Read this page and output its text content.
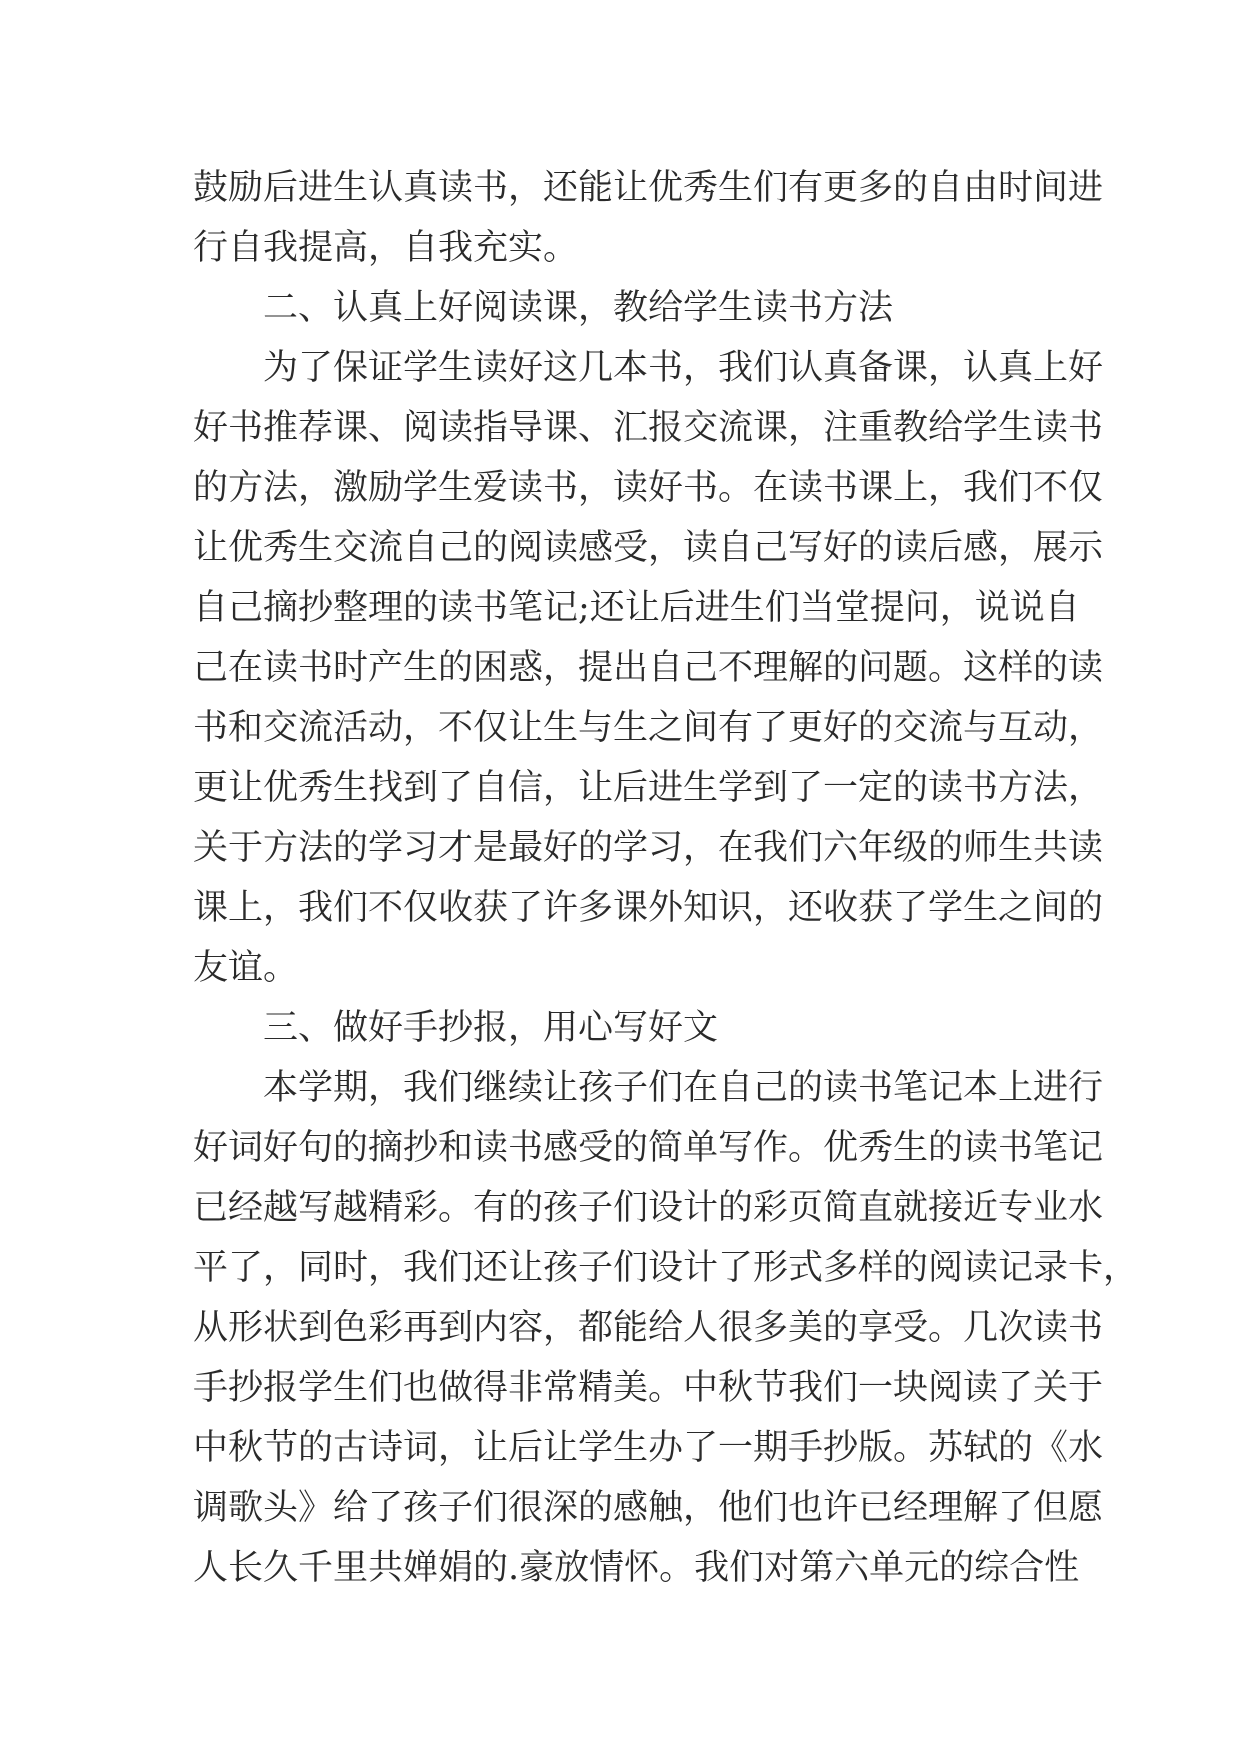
鼓励后进生认真读书，还能让优秀生们有更多的自由时间进
行自我提高，自我充实。
二、认真上好阅读课，教给学生读书方法
为了保证学生读好这几本书，我们认真备课，认真上好
好书推荐课、阅读指导课、汇报交流课，注重教给学生读书
的方法，激励学生爱读书，读好书。在读书课上，我们不仅
让优秀生交流自己的阅读感受，读自己写好的读后感，展示
自己摘抄整理的读书笔记;还让后进生们当堂提问，说说自
己在读书时产生的困惑，提出自己不理解的问题。这样的读
书和交流活动，不仅让生与生之间有了更好的交流与互动，
更让优秀生找到了自信，让后进生学到了一定的读书方法，
关于方法的学习才是最好的学习，在我们六年级的师生共读
课上，我们不仅收获了许多课外知识，还收获了学生之间的
友谊。
三、做好手抄报，用心写好文
本学期，我们继续让孩子们在自己的读书笔记本上进行
好词好句的摘抄和读书感受的简单写作。优秀生的读书笔记
已经越写越精彩。有的孩子们设计的彩页简直就接近专业水
平了，同时，我们还让孩子们设计了形式多样的阅读记录卡，
从形状到色彩再到内容，都能给人很多美的享受。几次读书
手抄报学生们也做得非常精美。中秋节我们一块阅读了关于
中秋节的古诗词，让后让学生办了一期手抄版。苏轼的《水
调歌头》给了孩子们很深的感触，他们也许已经理解了但愿
人长久千里共婵娟的.豪放情怀。我们对第六单元的综合性
